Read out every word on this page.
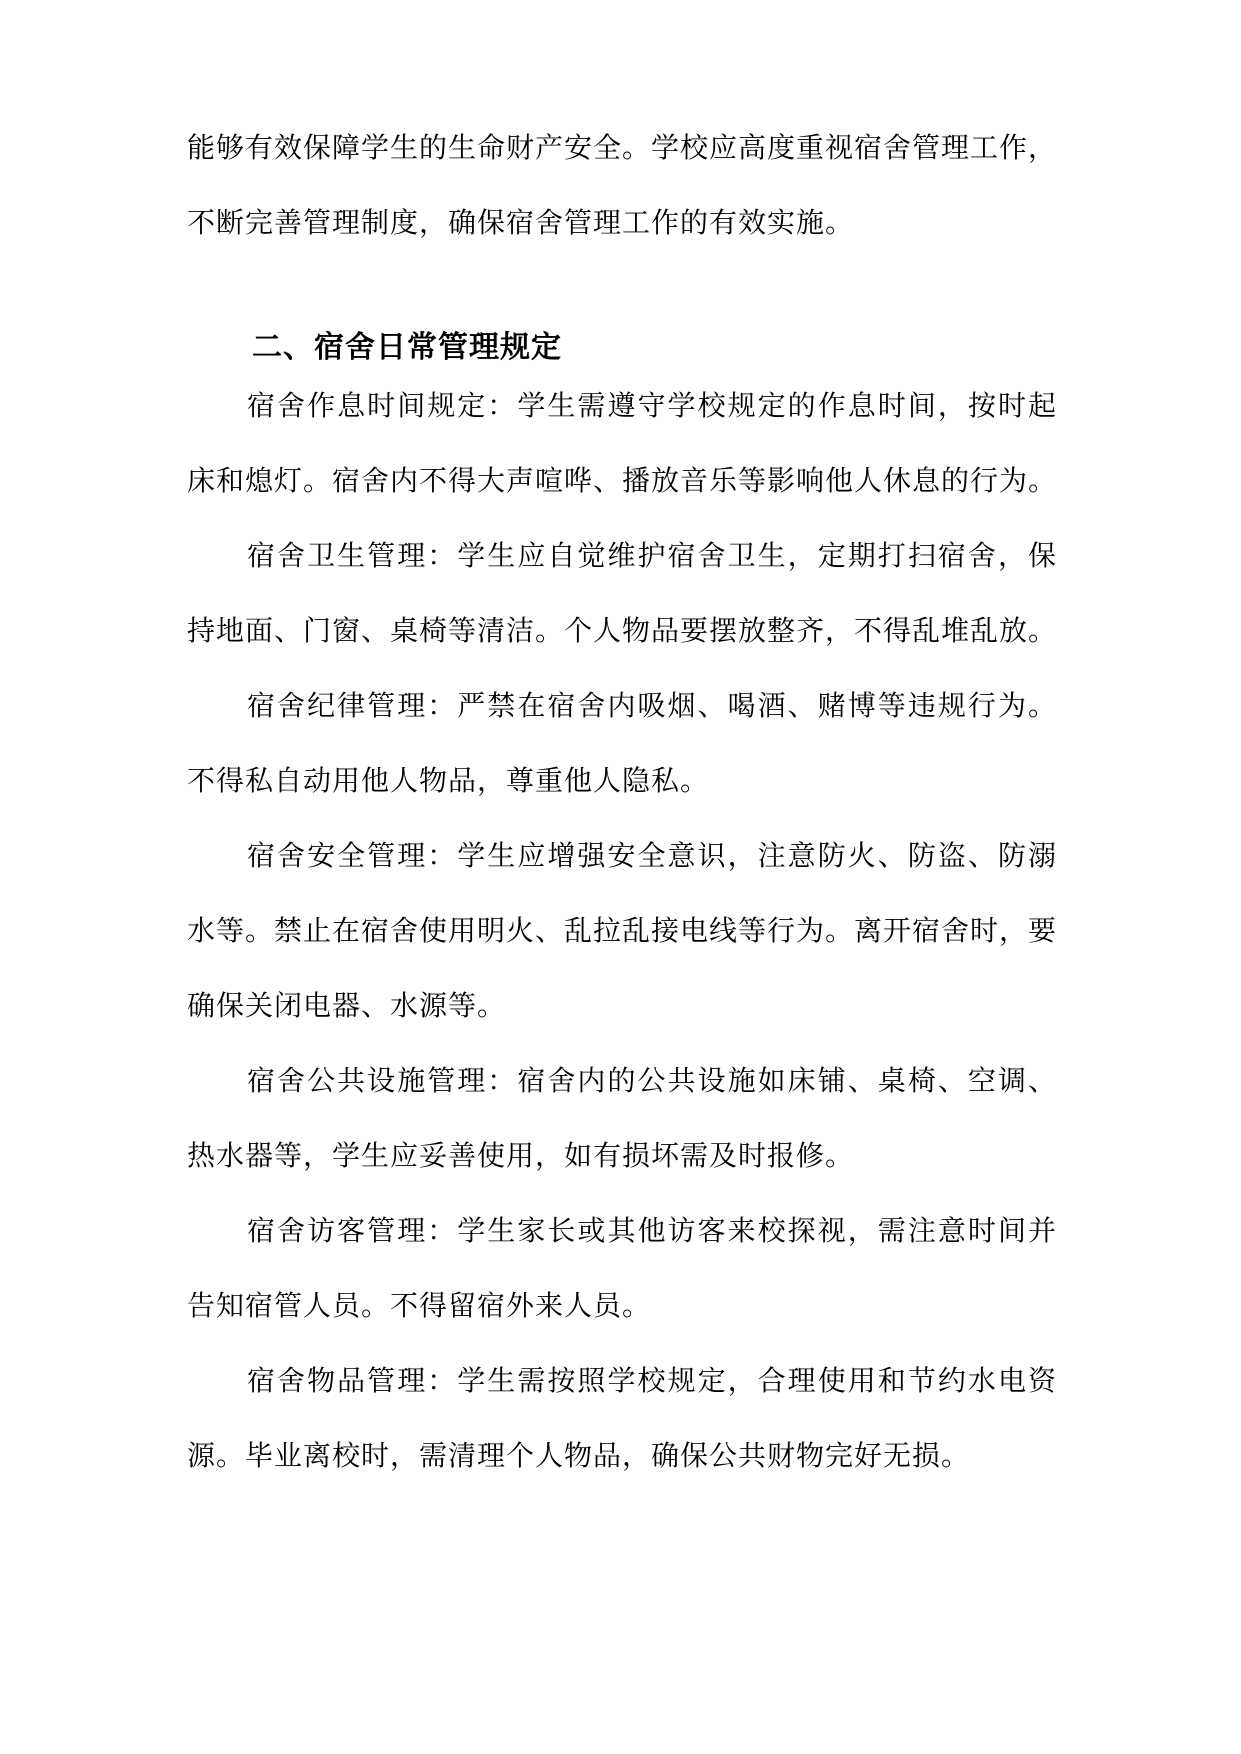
能够有效保障学生的生命财产安全。学校应高度重视宿舍管理工作，不断完善管理制度，确保宿舍管理工作的有效实施。

二、宿舍日常管理规定

宿舍作息时间规定：学生需遵守学校规定的作息时间，按时起床和熄灯。宿舍内不得大声喧哗、播放音乐等影响他人休息的行为。

宿舍卫生管理：学生应自觉维护宿舍卫生，定期打扫宿舍，保持地面、门窗、桌椅等清洁。个人物品要摆放整齐，不得乱堆乱放。

宿舍纪律管理：严禁在宿舍内吸烟、喝酒、赌博等违规行为。不得私自动用他人物品，尊重他人隐私。

宿舍安全管理：学生应增强安全意识，注意防火、防盗、防溺水等。禁止在宿舍使用明火、乱拉乱接电线等行为。离开宿舍时，要确保关闭电器、水源等。

宿舍公共设施管理：宿舍内的公共设施如床铺、桌椅、空调、热水器等，学生应妥善使用，如有损坏需及时报修。

宿舍访客管理：学生家长或其他访客来校探视，需注意时间并告知宿管人员。不得留宿外来人员。

宿舍物品管理：学生需按照学校规定，合理使用和节约水电资源。毕业离校时，需清理个人物品，确保公共财物完好无损。
